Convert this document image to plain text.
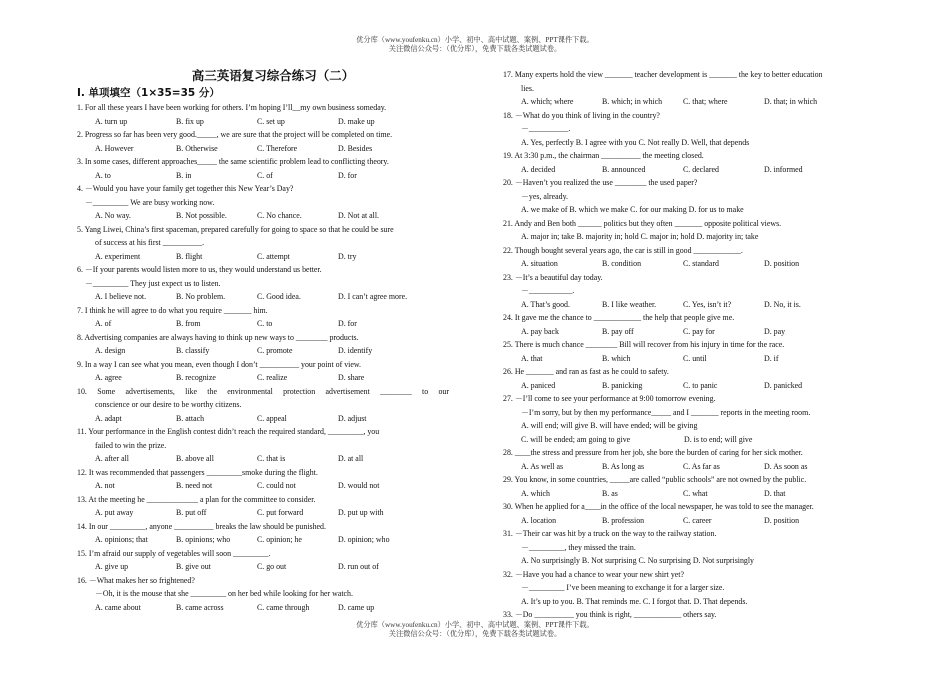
优分库（www.youfenku.cn）小学、初中、高中试题、案例、PPT课件下载。
关注微信公众号：（优分库），免费下载各类试题试卷。
高三英语复习综合练习（二）
Ⅰ. 单项填空（1×35=35 分）
1. For all these years I have been working for others. I’m hoping I’ll__my own business someday.
A. turn up	B. fix up	C. set up	D. make up
2. Progress so far has been very good._____, we are sure that the project will be completed on time.
A. However	B. Otherwise	C. Therefore	D. Besides
3. In some cases, different approaches_____ the same scientific problem lead to conflicting theory.
A. to	B. in	C. of	D. for
4. －Would you have your family get together this New Year’s Day?
－_________ We are busy working now.
A. No way.	B. Not possible.	C. No chance.	D. Not at all.
5. Yang Liwei, China’s first spaceman, prepared carefully for going to space so that he could be sure
of success at his first __________.
A. experiment	B. flight	C. attempt	D. try
6. －If your parents would listen more to us, they would understand us better.
－_________ They just expect us to listen.
A. I believe not.	B. No problem.	C. Good idea.	D. I can’t agree more.
7. I think he will agree to do what you require _______ him.
A. of	B. from	C. to	D. for
8. Advertising companies are always having to think up new ways to ________ products.
A. design	B. classify	C. promote	D. identify
9. In a way I can see what you mean, even though I don’t __________ your point of view.
A. agree	B. recognize	C. realize	D. share
10. Some advertisements, like the environmental protection advertisement ________ to our
conscience or our desire to be worthy citizens.
A. adapt	B. attach	C. appeal	D. adjust
11. Your performance in the English contest didn’t reach the required standard, _________, you
failed to win the prize.
A. after all	B. above all	C. that is	D. at all
12. It was recommended that passengers _________smoke during the flight.
A. not	B. need not	C. could not	D. would not
13. At the meeting he _____________ a plan for the committee to consider.
A. put away	B. put off	C. put forward	D. put up with
14. In our _________, anyone __________ breaks the law should be punished.
A. opinions; that	B. opinions; who	C. opinion; he	D. opinion; who
15. I’m afraid our supply of vegetables will soon _________.
A. give up	B. give out	C. go out	D. run out of
16. －What makes her so frightened?
－Oh, it is the mouse that she _________ on her bed while looking for her watch.
A. came about	B. came across	C. came through	D. came up
17. Many experts hold the view _______ teacher development is _______ the key to better education
lies.
A. which; where	B. which; in which	C. that; where	D. that; in which
18. －What do you think of living in the country?
－__________.
A. Yes, perfectly B. I agree with you C. Not really D. Well, that depends
19. At 3:30 p.m., the chairman __________ the meeting closed.
A. decided	B. announced	C. declared	D. informed
20. －Haven’t you realized the use ________ the used paper?
－yes, already.
A. we make of B. which we make C. for our making D. for us to make
21. Andy and Ben both ______ politics but they often _______ opposite political views.
A. major in; take B. majority in; hold C. major in; hold D. majority in; take
22. Though bought several years ago, the car is still in good ____________.
A. situation	B. condition	C. standard	D. position
23. －It’s a beautiful day today.
－___________.
A. That’s good.	B. I like weather.	C. Yes, isn’t it?	D. No, it is.
24. It gave me the chance to ____________ the help that people give me.
A. pay back	B. pay off	C. pay for	D. pay
25. There is much chance ________ Bill will recover from his injury in time for the race.
A. that	B. which	C. until	D. if
26. He _______ and ran as fast as he could to safety.
A. paniced	B. panicking	C. to panic	D. panicked
27. －I’ll come to see your performance at 9:00 tomorrow evening.
－I’m sorry, but by then my performance_____ and I _______ reports in the meeting room.
A. will end; will give B. will have ended; will be giving
C. will be ended; am going to give	D. is to end; will give
28. ____the stress and pressure from her job, she bore the burden of caring for her sick mother.
A. As well as	B. As long as	C. As far as	D. As soon as
29. You know, in some countries, _____are called “public schools” are not owned by the public.
A. which	B. as	C. what	D. that
30. When he applied for a____in the office of the local newspaper, he was told to see the manager.
A. location	B. profession	C. career	D. position
31. －Their car was hit by a truck on the way to the railway station.
－_________, they missed the train.
A. No surprisingly B. Not surprising C. No surprising D. Not surprisingly
32. －Have you had a chance to wear your new shirt yet?
－_________ I’ve been meaning to exchange it for a larger size.
A. It’s up to you. B. That reminds me. C. I forgot that. D. That depends.
33. －Do __________ you think is right, ____________ others say.
优分库（www.youfenku.cn）小学、初中、高中试题、案例、PPT课件下载。
关注微信公众号：（优分库），免费下载各类试题试卷。
